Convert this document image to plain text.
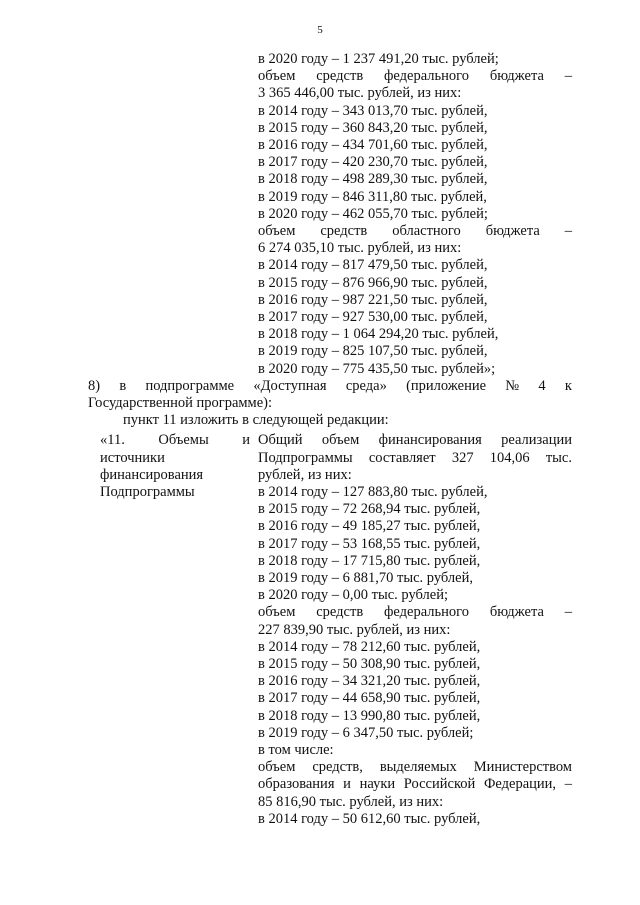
5
в 2020 году – 1 237 491,20 тыс. рублей;
объем средств федерального бюджета –
3 365 446,00 тыс. рублей, из них:
в 2014 году – 343 013,70 тыс. рублей,
в 2015 году – 360 843,20 тыс. рублей,
в 2016 году – 434 701,60 тыс. рублей,
в 2017 году – 420 230,70 тыс. рублей,
в 2018 году – 498 289,30 тыс. рублей,
в 2019 году – 846 311,80 тыс. рублей,
в 2020 году – 462 055,70 тыс. рублей;
объем средств областного бюджета –
6 274 035,10 тыс. рублей, из них:
в 2014 году – 817 479,50 тыс. рублей,
в 2015 году – 876 966,90 тыс. рублей,
в 2016 году – 987 221,50 тыс. рублей,
в 2017 году – 927 530,00 тыс. рублей,
в 2018 году – 1 064 294,20 тыс. рублей,
в 2019 году – 825 107,50 тыс. рублей,
в 2020 году – 775 435,50 тыс. рублей»;
8) в подпрограмме «Доступная среда» (приложение № 4 к
Государственной программе):
пункт 11 изложить в следующей редакции:
«11. Объемы и
источники
финансирования
Подпрограммы
Общий объем финансирования реализации
Подпрограммы составляет 327 104,06 тыс.
рублей, из них:
в 2014 году – 127 883,80 тыс. рублей,
в 2015 году – 72 268,94 тыс. рублей,
в 2016 году – 49 185,27 тыс. рублей,
в 2017 году – 53 168,55 тыс. рублей,
в 2018 году – 17 715,80 тыс. рублей,
в 2019 году – 6 881,70 тыс. рублей,
в 2020 году – 0,00 тыс. рублей;
объем средств федерального бюджета –
227 839,90 тыс. рублей, из них:
в 2014 году – 78 212,60 тыс. рублей,
в 2015 году – 50 308,90 тыс. рублей,
в 2016 году – 34 321,20 тыс. рублей,
в 2017 году – 44 658,90 тыс. рублей,
в 2018 году – 13 990,80 тыс. рублей,
в 2019 году – 6 347,50 тыс. рублей;
в том числе:
объем средств, выделяемых Министерством
образования и науки Российской Федерации, –
85 816,90 тыс. рублей, из них:
в 2014 году – 50 612,60 тыс. рублей,
